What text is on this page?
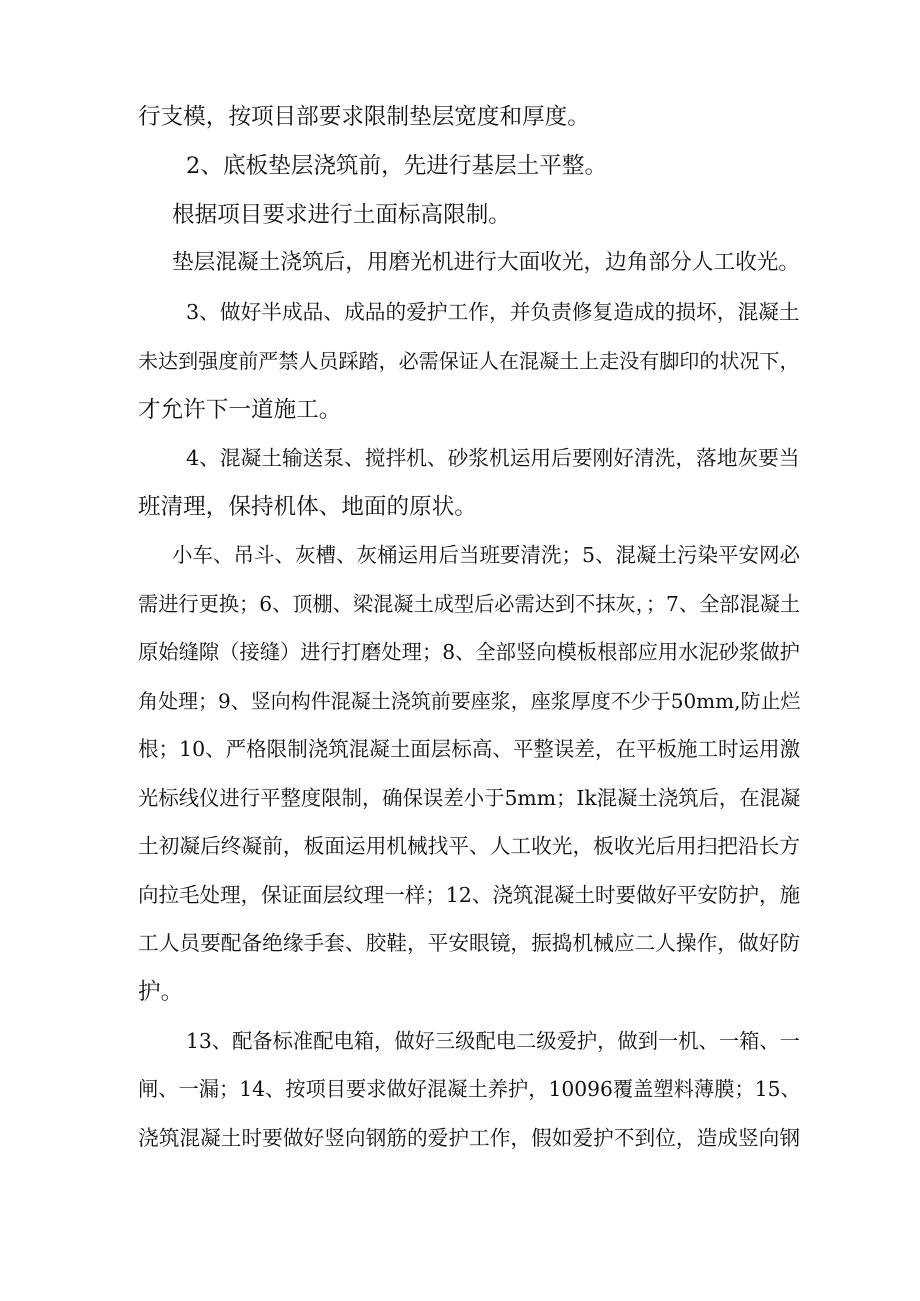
行支模，按项目部要求限制垫层宽度和厚度。
2、底板垫层浇筑前，先进行基层土平整。
根据项目要求进行土面标高限制。
垫层混凝土浇筑后，用磨光机进行大面收光，边角部分人工收光。
3、做好半成品、成品的爱护工作，并负责修复造成的损坏，混凝土
未达到强度前严禁人员踩踏，必需保证人在混凝土上走没有脚印的状况下，
才允许下一道施工。
4、混凝土输送泵、搅拌机、砂浆机运用后要刚好清洗，落地灰要当
班清理，保持机体、地面的原状。
小车、吊斗、灰槽、灰桶运用后当班要清洗；5、混凝土污染平安网必
需进行更换；6、顶棚、梁混凝土成型后必需达到不抹灰，；7、全部混凝土
原始缝隙（接缝）进行打磨处理；8、全部竖向模板根部应用水泥砂浆做护
角处理；9、竖向构件混凝土浇筑前要座浆，座浆厚度不少于50mm,防止烂
根；10、严格限制浇筑混凝土面层标高、平整误差，在平板施工时运用激
光标线仪进行平整度限制，确保误差小于5mm；Ik混凝土浇筑后，在混凝
土初凝后终凝前，板面运用机械找平、人工收光，板收光后用扫把沿长方
向拉毛处理，保证面层纹理一样；12、浇筑混凝土时要做好平安防护，施
工人员要配备绝缘手套、胶鞋，平安眼镜，振捣机械应二人操作，做好防
护。
13、配备标准配电箱，做好三级配电二级爱护，做到一机、一箱、一
闸、一漏；14、按项目要求做好混凝土养护，10096覆盖塑料薄膜；15、
浇筑混凝土时要做好竖向钢筋的爱护工作，假如爱护不到位，造成竖向钢
